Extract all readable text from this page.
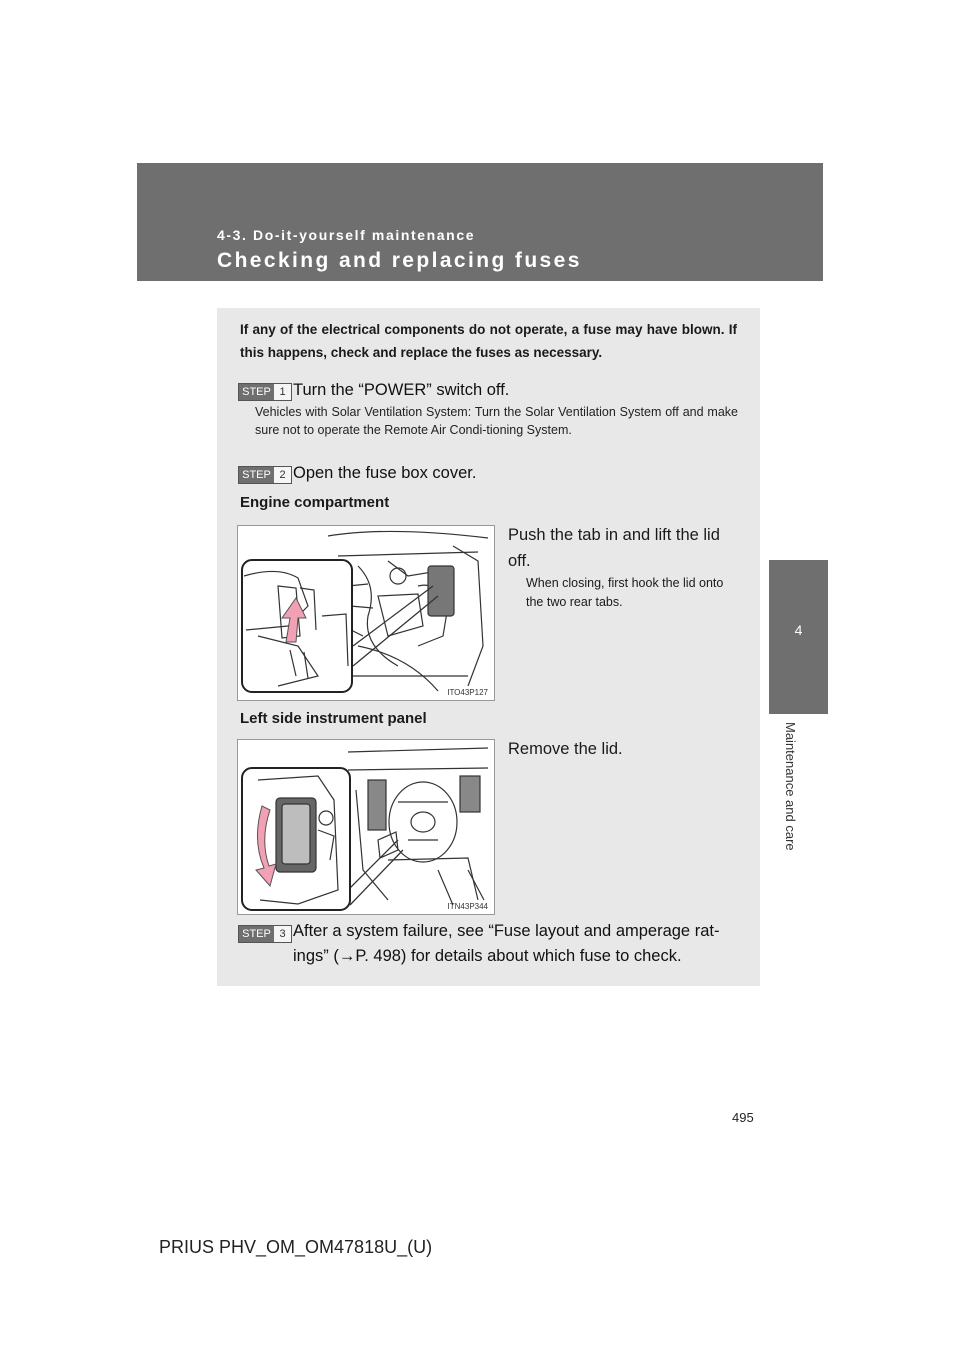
4-3. Do-it-yourself maintenance
Checking and replacing fuses
4
Maintenance and care
If any of the electrical components do not operate, a fuse may have blown. If this happens, check and replace the fuses as necessary.
STEP 1 Turn the “POWER” switch off.
Vehicles with Solar Ventilation System: Turn the Solar Ventilation System off and make sure not to operate the Remote Air Condi-tioning System.
STEP 2 Open the fuse box cover.
Engine compartment
ITO43P127
Push the tab in and lift the lid off.
When closing, first hook the lid onto the two rear tabs.
Left side instrument panel
ITN43P344
Remove the lid.
STEP 3 After a system failure, see “Fuse layout and amperage rat-ings” (→P. 498) for details about which fuse to check.
495
PRIUS PHV_OM_OM47818U_(U)
